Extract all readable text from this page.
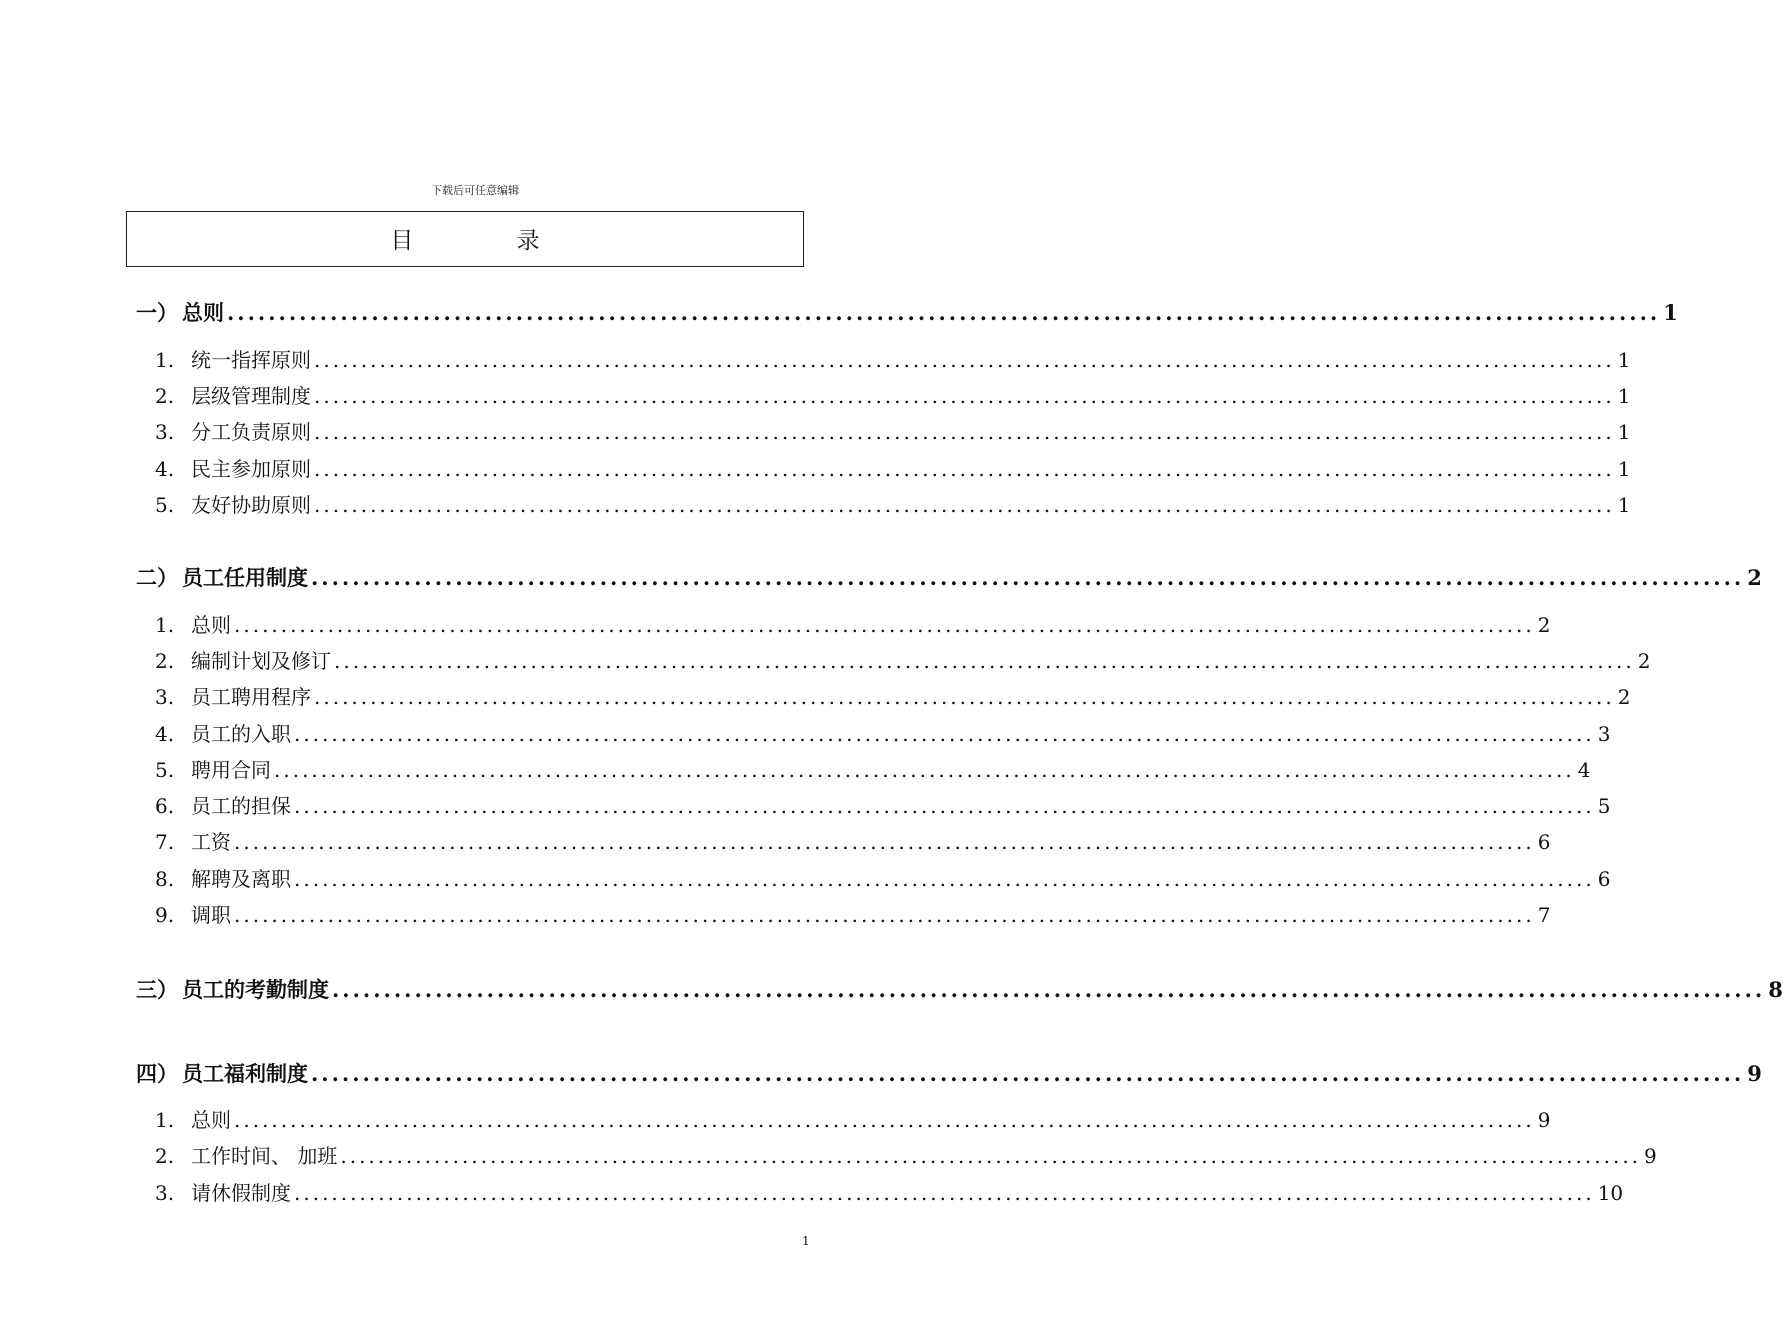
下载后可任意编辑
目 录
一） 总则 ........................................................................................................................................... 1
1. 统一指挥原则 ........................................................................................................................................... 1
2. 层级管理制度 ........................................................................................................................................... 1
3. 分工负责原则 ........................................................................................................................................... 1
4. 民主参加原则 ........................................................................................................................................... 1
5. 友好协助原则 ........................................................................................................................................... 1
二） 员工任用制度 ........................................................................................................................................... 2
1. 总则 ........................................................................................................................................... 2
2. 编制计划及修订 ........................................................................................................................................... 2
3. 员工聘用程序 ........................................................................................................................................... 2
4. 员工的入职 ........................................................................................................................................... 3
5. 聘用合同 ........................................................................................................................................... 4
6. 员工的担保 ........................................................................................................................................... 5
7. 工资 ........................................................................................................................................... 6
8. 解聘及离职 ........................................................................................................................................... 6
9. 调职 ........................................................................................................................................... 7
三） 员工的考勤制度 ........................................................................................................................................... 8
四） 员工福利制度 ........................................................................................................................................... 9
1. 总则 ........................................................................................................................................... 9
2. 工作时间、 加班 ........................................................................................................................................... 9
3. 请休假制度 ........................................................................................................................................... 10
1
